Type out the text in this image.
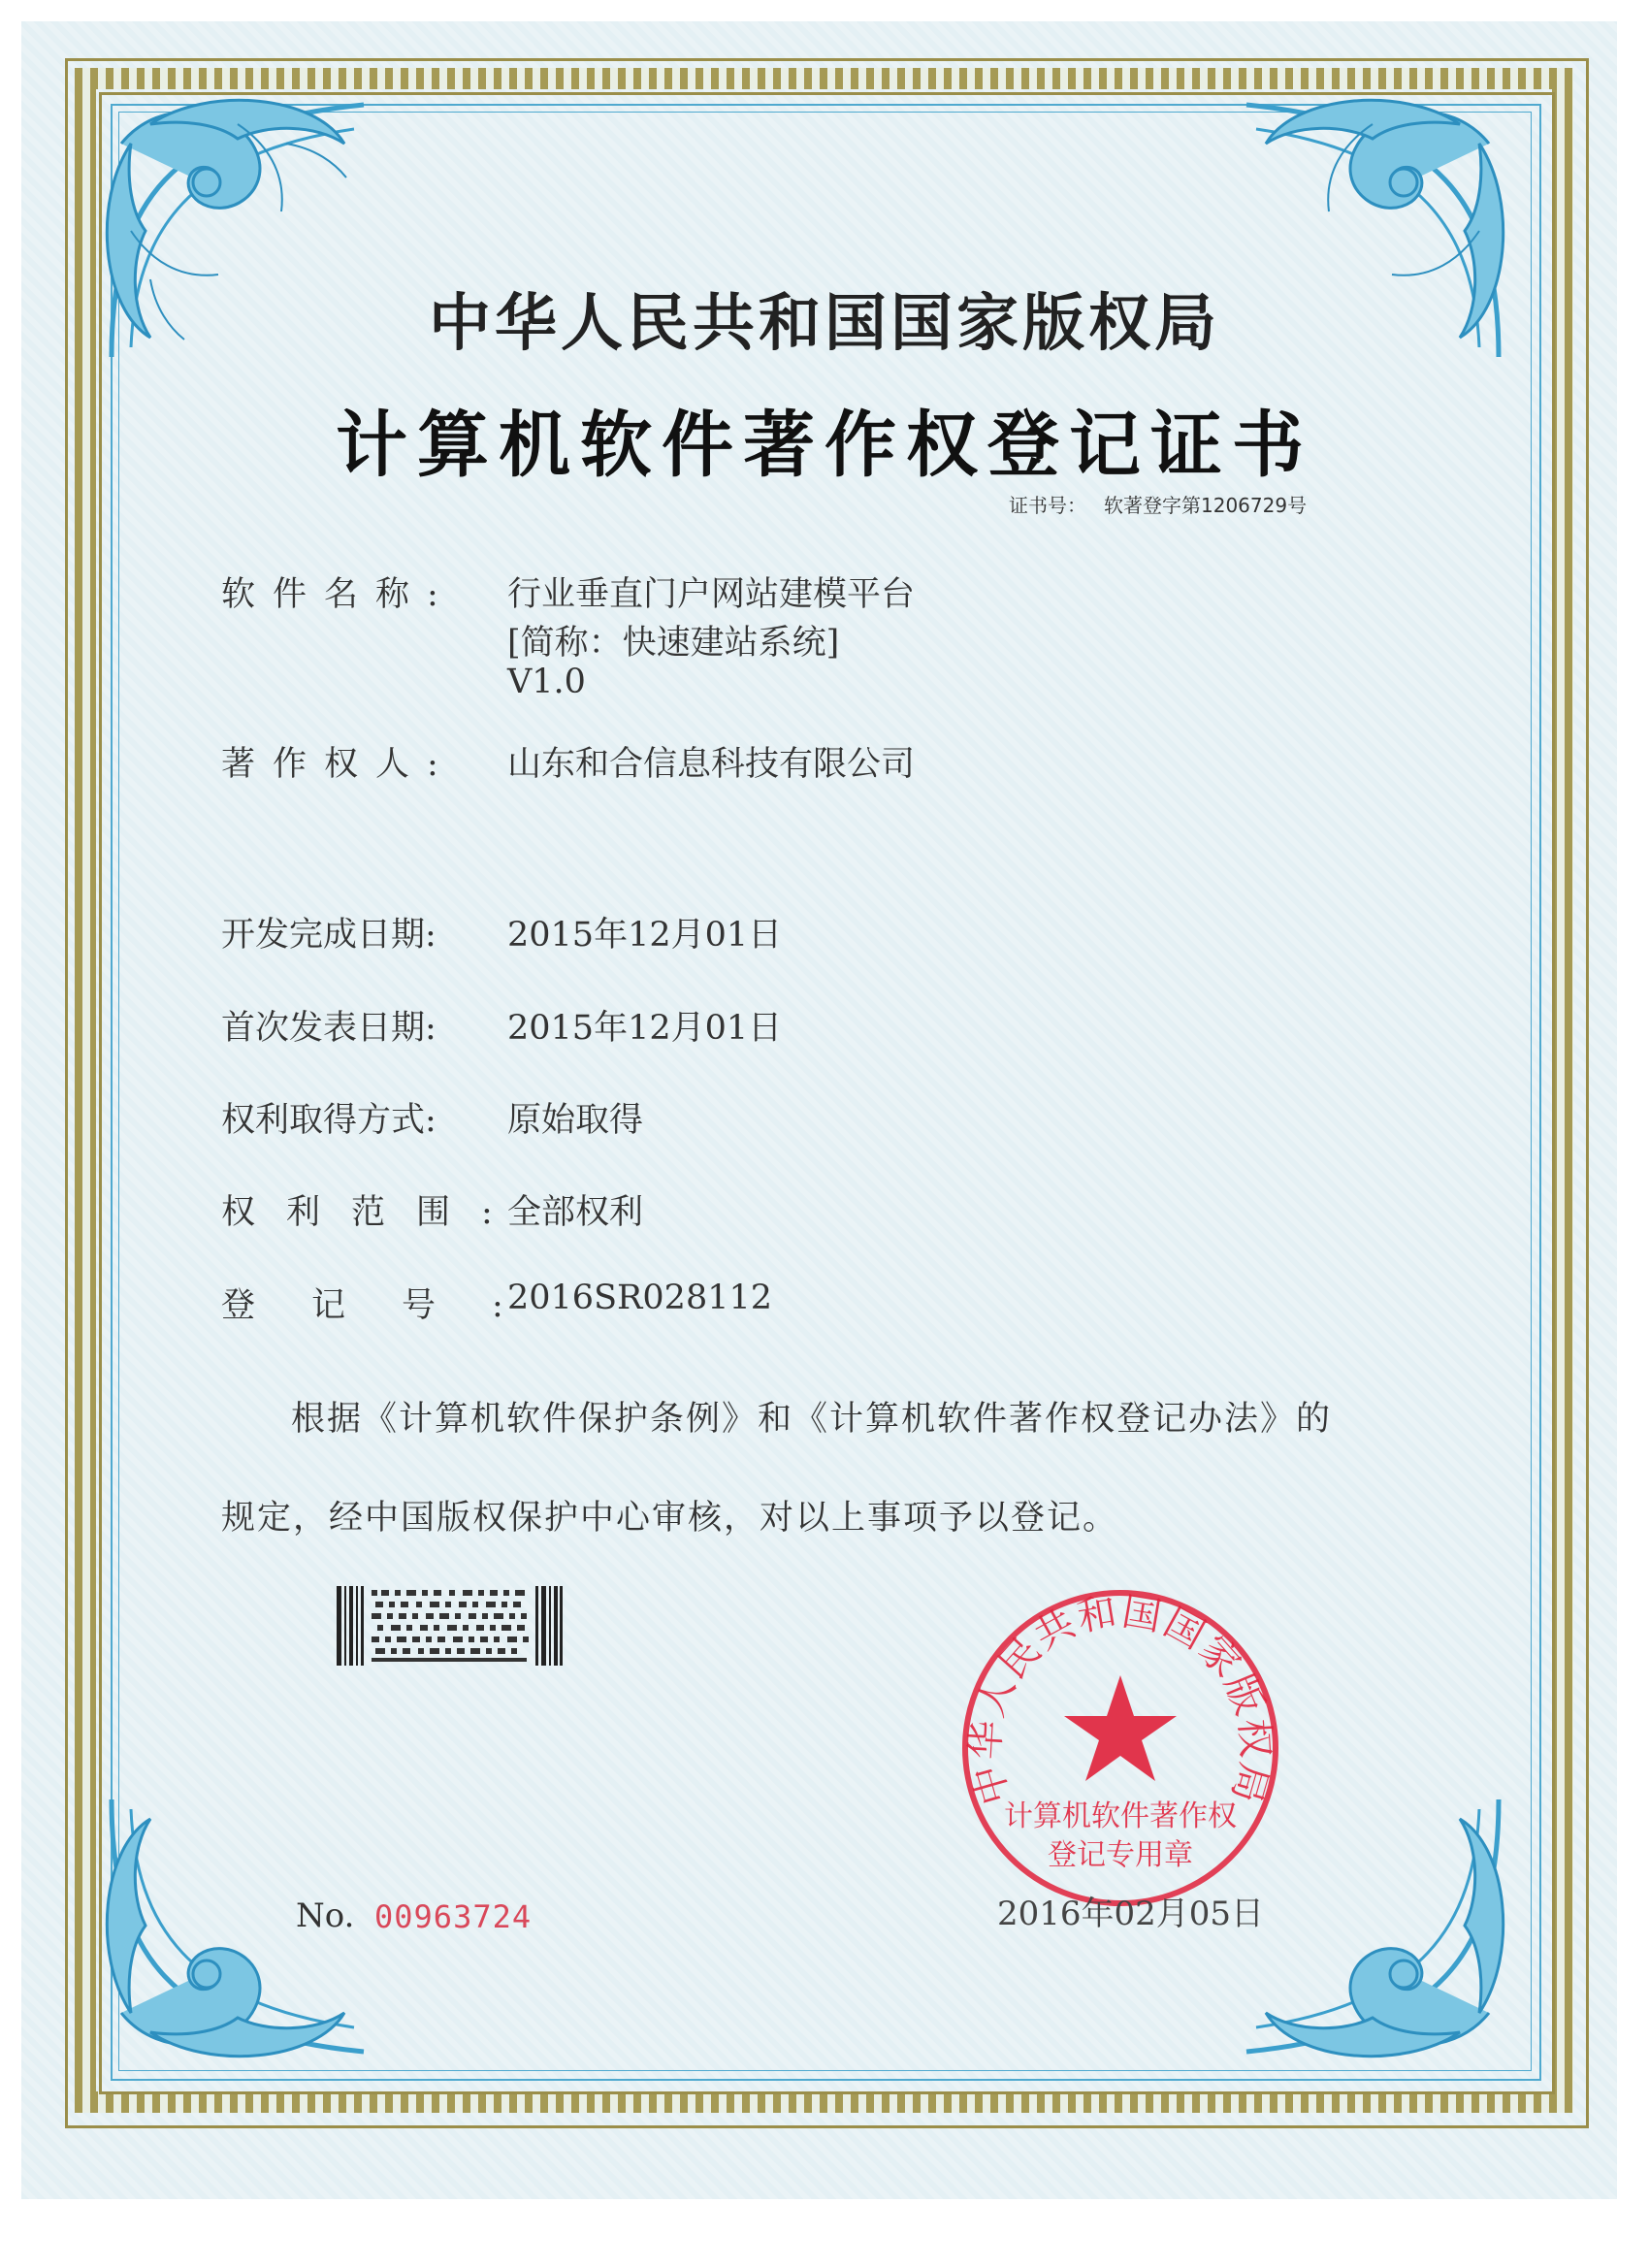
中华人民共和国国家版权局
计算机软件著作权登记证书
证书号： 软著登字第1206729号
软件名称: 行业垂直门户网站建模平台
[简称：快速建站系统]
V1.0
著作权人: 山东和合信息科技有限公司
开发完成日期: 2015年12月01日
首次发表日期: 2015年12月01日
权利取得方式: 原始取得
权利范围:
全部权利
登记号:
2016SR028112
根据《计算机软件保护条例》和《计算机软件著作权登记办法》的
规定，经中国版权保护中心审核，对以上事项予以登记。
中华人民共和国国家版权局
计算机软件著作权
登记专用章
No. 00963724	2016年02月05日
